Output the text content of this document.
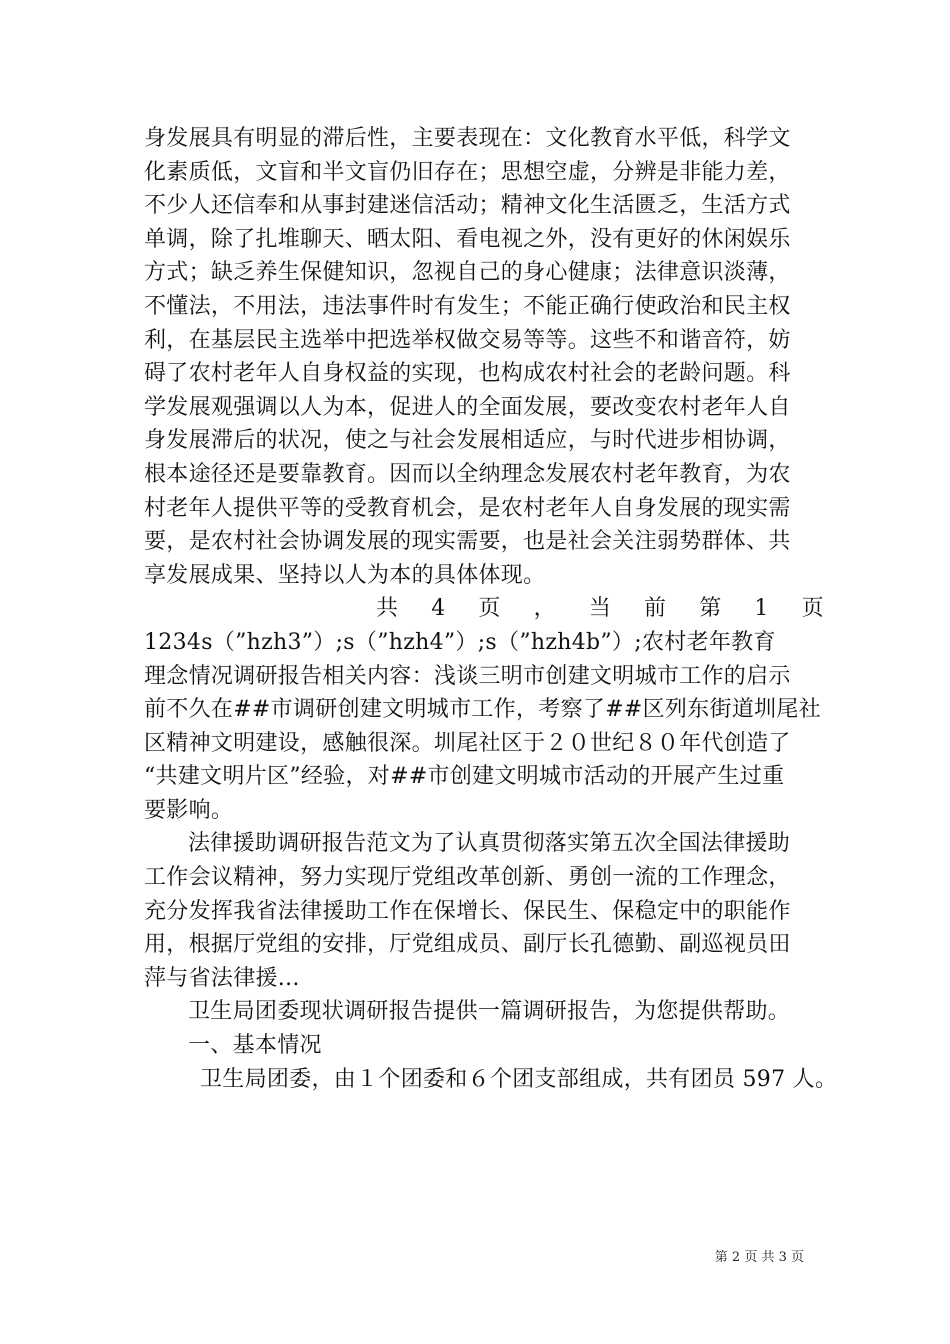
身发展具有明显的滞后性，主要表现在：文化教育水平低，科学文
化素质低，文盲和半文盲仍旧存在；思想空虚，分辨是非能力差，
不少人还信奉和从事封建迷信活动；精神文化生活匮乏，生活方式
单调，除了扎堆聊天、晒太阳、看电视之外，没有更好的休闲娱乐
方式；缺乏养生保健知识，忽视自己的身心健康；法律意识淡薄，
不懂法，不用法，违法事件时有发生；不能正确行使政治和民主权
利，在基层民主选举中把选举权做交易等等。这些不和谐音符，妨
碍了农村老年人自身权益的实现，也构成农村社会的老龄问题。科
学发展观强调以人为本，促进人的全面发展，要改变农村老年人自
身发展滞后的状况，使之与社会发展相适应，与时代进步相协调，
根本途径还是要靠教育。因而以全纳理念发展农村老年教育，为农
村老年人提供平等的受教育机会，是农村老年人自身发展的现实需
要，是农村社会协调发展的现实需要，也是社会关注弱势群体、共
享发展成果、坚持以人为本的具体体现。
共 4 页 ， 当 前 第 1 页
1234s（”hzh3”）;s（”hzh4”）;s（”hzh4b”）;农村老年教育
理念情况调研报告相关内容：浅谈三明市创建文明城市工作的启示
前不久在##市调研创建文明城市工作，考察了##区列东街道圳尾社
区精神文明建设，感触很深。圳尾社区于２０世纪８０年代创造了
“共建文明片区”经验，对##市创建文明城市活动的开展产生过重
要影响。
法律援助调研报告范文为了认真贯彻落实第五次全国法律援助
工作会议精神，努力实现厅党组改革创新、勇创一流的工作理念，
充分发挥我省法律援助工作在保增长、保民生、保稳定中的职能作
用，根据厅党组的安排，厅党组成员、副厅长孔德勤、副巡视员田
萍与省法律援...
卫生局团委现状调研报告提供一篇调研报告，为您提供帮助。
一、基本情况
卫生局团委，由１个团委和６个团支部组成，共有团员 597 人。
第 2 页 共 3 页
